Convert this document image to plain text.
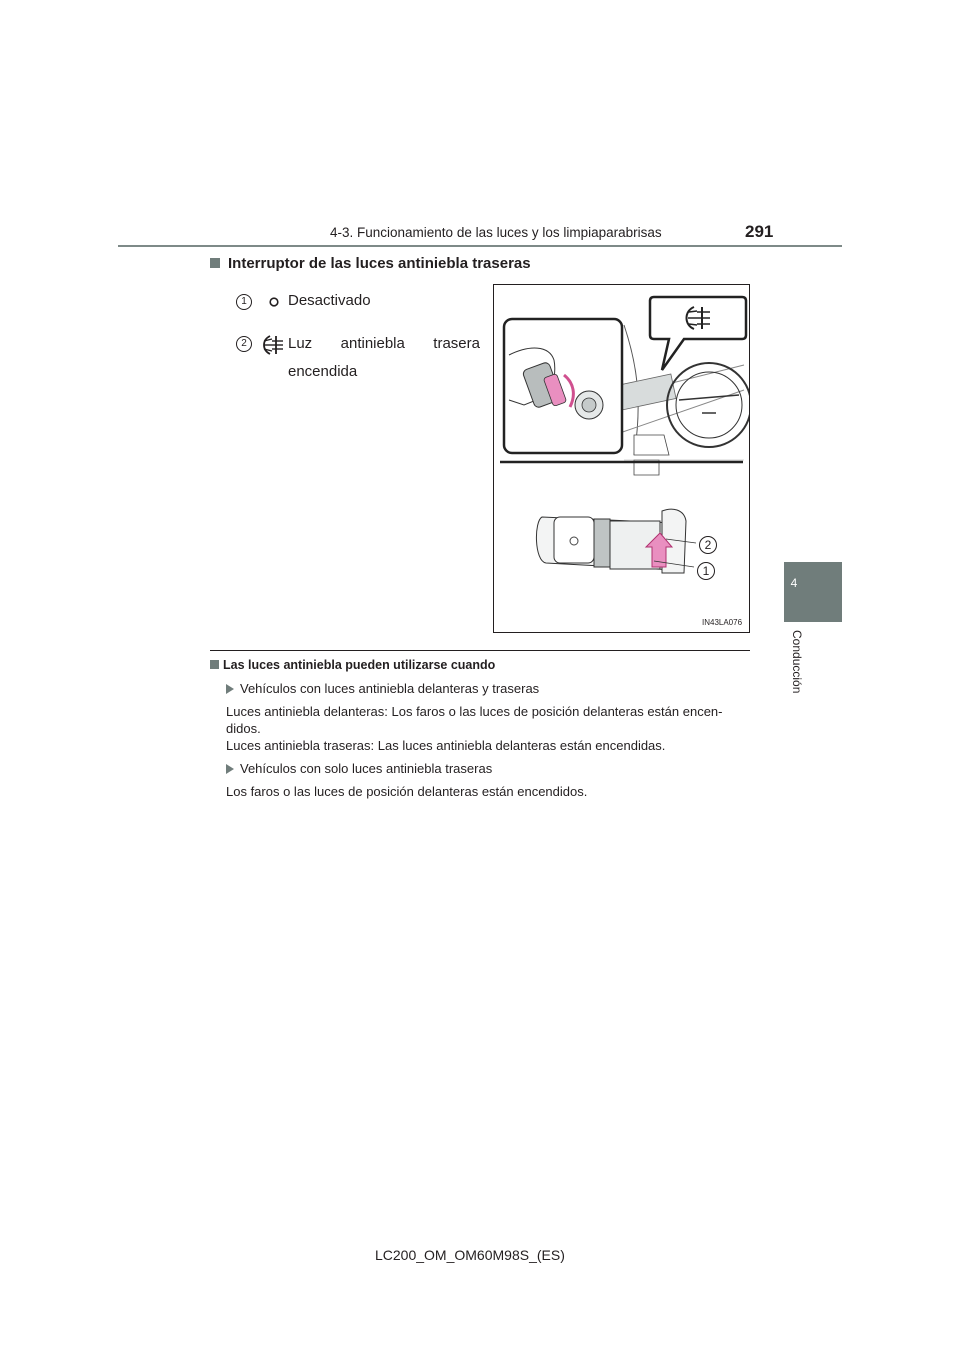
4-3. Funcionamiento de las luces y los limpiaparabrisas	291
4
Conducción
Interruptor de las luces antiniebla traseras
1	Desactivado
2	Luz antiniebla trasera
encendida
2
1
IN43LA076
Las luces antiniebla pueden utilizarse cuando
Vehículos con luces antiniebla delanteras y traseras
Luces antiniebla delanteras: Los faros o las luces de posición delanteras están encen-
didos.
Luces antiniebla traseras: Las luces antiniebla delanteras están encendidas.
Vehículos con solo luces antiniebla traseras
Los faros o las luces de posición delanteras están encendidos.
LC200_OM_OM60M98S_(ES)
